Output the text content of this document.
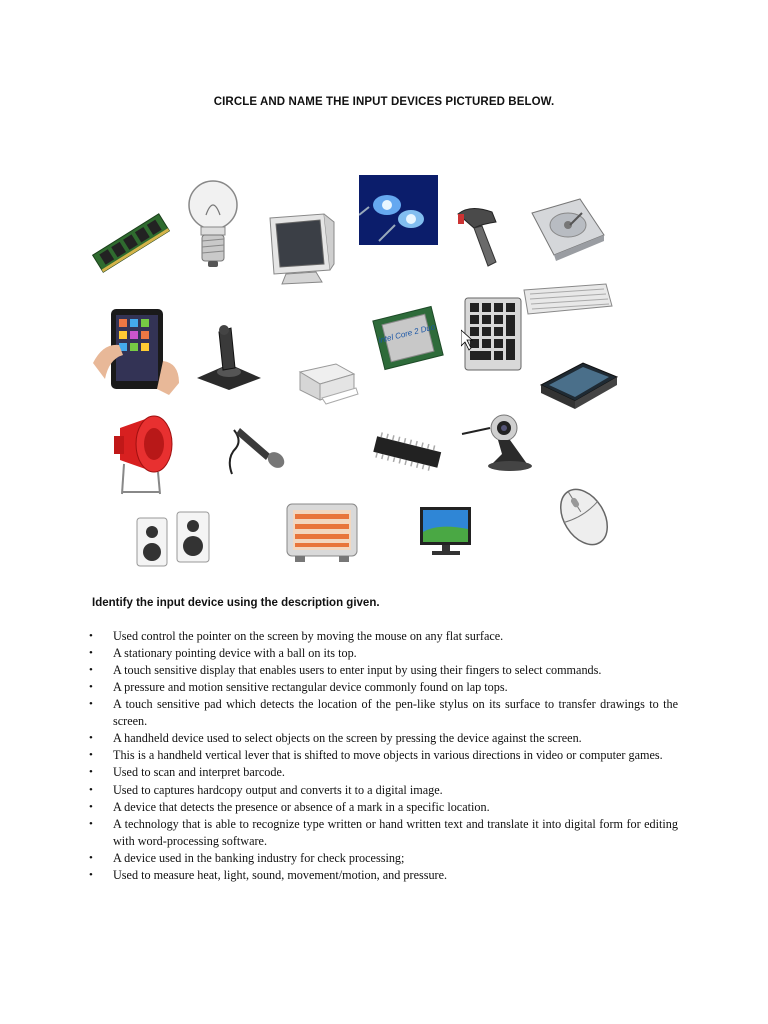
CIRCLE AND NAME THE INPUT DEVICES PICTURED BELOW.
intel Core 2 Duo
Identify the input device using the description given.
• Used control the pointer on the screen by moving the mouse on any flat surface.
• A stationary pointing device with a ball on its top.
• A touch sensitive display that enables users to enter input by using their fingers to select commands.
• A pressure and motion sensitive rectangular device commonly found on lap tops.
• A touch sensitive pad which detects the location of the pen-like stylus on its surface to transfer drawings to the screen.
• A handheld device used to select objects on the screen by pressing the device against the screen.
• This is a handheld vertical lever that is shifted to move objects in various directions in video or computer games.
• Used to scan and interpret barcode.
• Used to captures hardcopy output and converts it to a digital image.
• A device that detects the presence or absence of a mark in a specific location.
• A technology that is able to recognize type written or hand written text and translate it into digital form for editing with word-processing software.
• A device used in the banking industry for check processing;
• Used to measure heat, light, sound, movement/motion, and pressure.
